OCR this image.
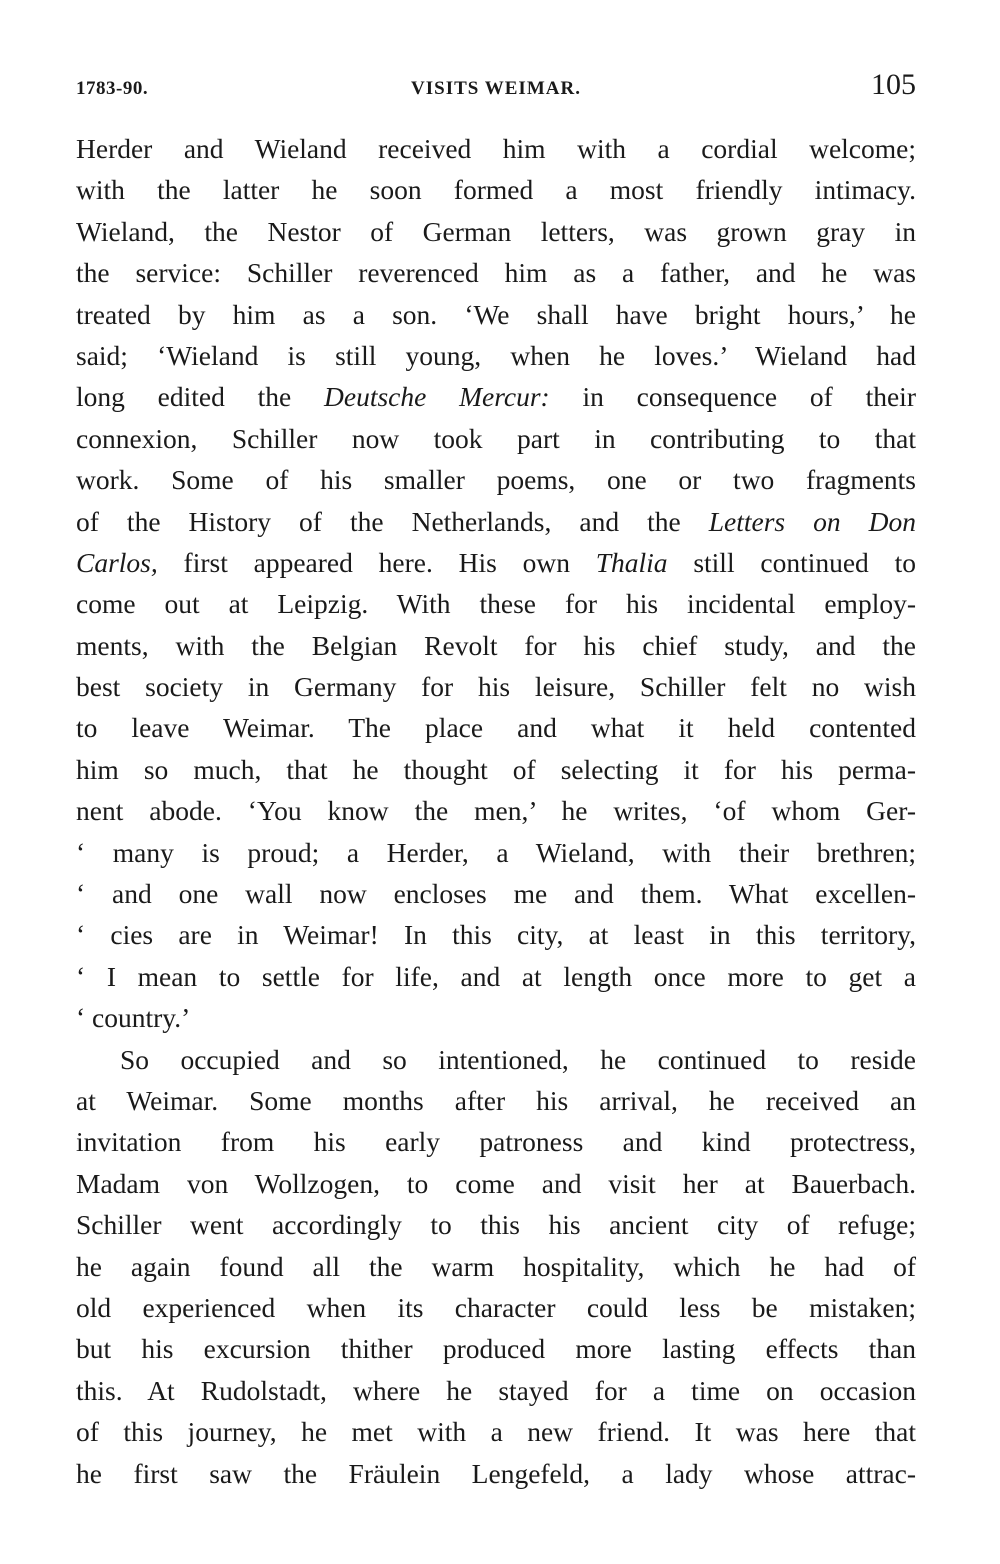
1783-90.	VISITS WEIMAR.	105
Herder and Wieland received him with a cordial welcome;
with the latter he soon formed a most friendly intimacy.
Wieland, the Nestor of German letters, was grown gray in
the service: Schiller reverenced him as a father, and he was
treated by him as a son. ‘We shall have bright hours,’ he
said; ‘Wieland is still young, when he loves.’ Wieland had
long edited the Deutsche Mercur: in consequence of their
connexion, Schiller now took part in contributing to that
work. Some of his smaller poems, one or two fragments
of the History of the Netherlands, and the Letters on Don
Carlos, first appeared here. His own Thalia still continued to
come out at Leipzig. With these for his incidental employ-
ments, with the Belgian Revolt for his chief study, and the
best society in Germany for his leisure, Schiller felt no wish
to leave Weimar. The place and what it held contented
him so much, that he thought of selecting it for his perma-
nent abode. ‘You know the men,’ he writes, ‘of whom Ger-
‘ many is proud; a Herder, a Wieland, with their brethren;
‘ and one wall now encloses me and them. What excellen-
‘ cies are in Weimar! In this city, at least in this territory,
‘ I mean to settle for life, and at length once more to get a
‘ country.’
So occupied and so intentioned, he continued to reside
at Weimar. Some months after his arrival, he received an
invitation from his early patroness and kind protectress,
Madam von Wollzogen, to come and visit her at Bauerbach.
Schiller went accordingly to this his ancient city of refuge;
he again found all the warm hospitality, which he had of
old experienced when its character could less be mistaken;
but his excursion thither produced more lasting effects than
this. At Rudolstadt, where he stayed for a time on occasion
of this journey, he met with a new friend. It was here that
he first saw the Fräulein Lengefeld, a lady whose attrac-
